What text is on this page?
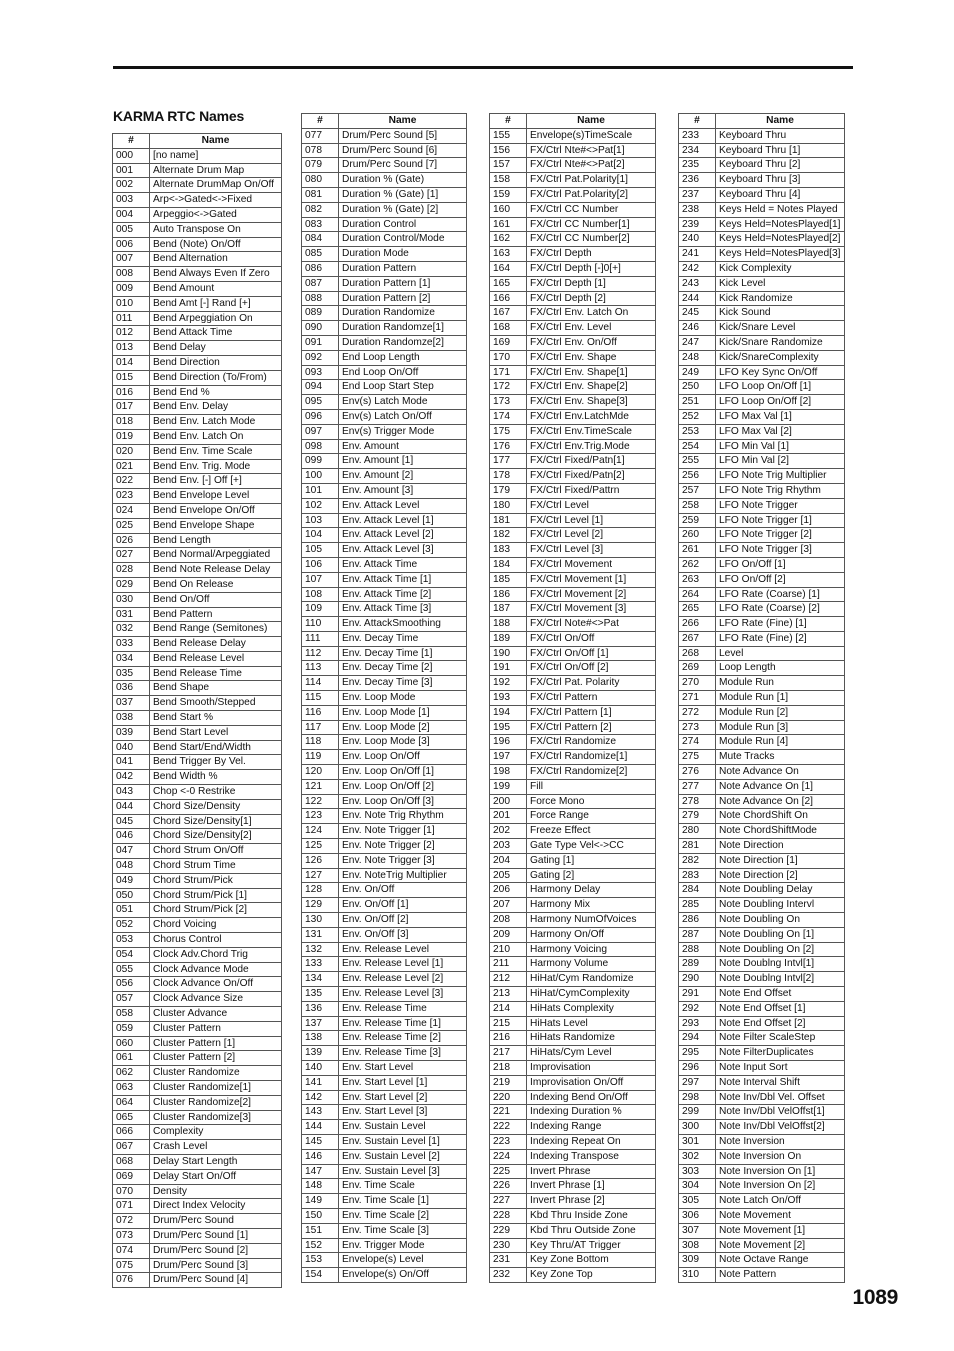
KARMA RTC Names
1089
#	Name
000	[no name]
001	Alternate Drum Map
002	Alternate DrumMap On/Off
003	Arp<->Gated<->Fixed
004	Arpeggio<->Gated
005	Auto Transpose On
006	Bend (Note) On/Off
007	Bend Alternation
008	Bend Always Even If Zero
009	Bend Amount
010	Bend Amt [-] Rand [+]
011	Bend Arpeggiation On
012	Bend Attack Time
013	Bend Delay
014	Bend Direction
015	Bend Direction (To/From)
016	Bend End %
017	Bend Env. Delay
018	Bend Env. Latch Mode
019	Bend Env. Latch On
020	Bend Env. Time Scale
021	Bend Env. Trig. Mode
022	Bend Env. [-] Off [+]
023	Bend Envelope Level
024	Bend Envelope On/Off
025	Bend Envelope Shape
026	Bend Length
027	Bend Normal/Arpeggiated
028	Bend Note Release Delay
029	Bend On Release
030	Bend On/Off
031	Bend Pattern
032	Bend Range (Semitones)
033	Bend Release Delay
034	Bend Release Level
035	Bend Release Time
036	Bend Shape
037	Bend Smooth/Stepped
038	Bend Start %
039	Bend Start Level
040	Bend Start/End/Width
041	Bend Trigger By Vel.
042	Bend Width %
043	Chop <-0 Restrike
044	Chord Size/Density
045	Chord Size/Density[1]
046	Chord Size/Density[2]
047	Chord Strum On/Off
048	Chord Strum Time
049	Chord Strum/Pick
050	Chord Strum/Pick [1]
051	Chord Strum/Pick [2]
052	Chord Voicing
053	Chorus Control
054	Clock Adv.Chord Trig
055	Clock Advance Mode
056	Clock Advance On/Off
057	Clock Advance Size
058	Cluster Advance
059	Cluster Pattern
060	Cluster Pattern [1]
061	Cluster Pattern [2]
062	Cluster Randomize
063	Cluster Randomize[1]
064	Cluster Randomize[2]
065	Cluster Randomize[3]
066	Complexity
067	Crash Level
068	Delay Start Length
069	Delay Start On/Off
070	Density
071	Direct Index Velocity
072	Drum/Perc Sound
073	Drum/Perc Sound [1]
074	Drum/Perc Sound [2]
075	Drum/Perc Sound [3]
076	Drum/Perc Sound [4]
#	Name
077	Drum/Perc Sound [5]
078	Drum/Perc Sound [6]
079	Drum/Perc Sound [7]
080	Duration % (Gate)
081	Duration % (Gate) [1]
082	Duration % (Gate) [2]
083	Duration Control
084	Duration Control/Mode
085	Duration Mode
086	Duration Pattern
087	Duration Pattern [1]
088	Duration Pattern [2]
089	Duration Randomize
090	Duration Randomze[1]
091	Duration Randomze[2]
092	End Loop Length
093	End Loop On/Off
094	End Loop Start Step
095	Env(s) Latch Mode
096	Env(s) Latch On/Off
097	Env(s) Trigger Mode
098	Env. Amount
099	Env. Amount [1]
100	Env. Amount [2]
101	Env. Amount [3]
102	Env. Attack Level
103	Env. Attack Level [1]
104	Env. Attack Level [2]
105	Env. Attack Level [3]
106	Env. Attack Time
107	Env. Attack Time [1]
108	Env. Attack Time [2]
109	Env. Attack Time [3]
110	Env. AttackSmoothing
111	Env. Decay Time
112	Env. Decay Time [1]
113	Env. Decay Time [2]
114	Env. Decay Time [3]
115	Env. Loop Mode
116	Env. Loop Mode [1]
117	Env. Loop Mode [2]
118	Env. Loop Mode [3]
119	Env. Loop On/Off
120	Env. Loop On/Off [1]
121	Env. Loop On/Off [2]
122	Env. Loop On/Off [3]
123	Env. Note Trig Rhythm
124	Env. Note Trigger [1]
125	Env. Note Trigger [2]
126	Env. Note Trigger [3]
127	Env. NoteTrig Multiplier
128	Env. On/Off
129	Env. On/Off [1]
130	Env. On/Off [2]
131	Env. On/Off [3]
132	Env. Release Level
133	Env. Release Level [1]
134	Env. Release Level [2]
135	Env. Release Level [3]
136	Env. Release Time
137	Env. Release Time [1]
138	Env. Release Time [2]
139	Env. Release Time [3]
140	Env. Start Level
141	Env. Start Level [1]
142	Env. Start Level [2]
143	Env. Start Level [3]
144	Env. Sustain Level
145	Env. Sustain Level [1]
146	Env. Sustain Level [2]
147	Env. Sustain Level [3]
148	Env. Time Scale
149	Env. Time Scale [1]
150	Env. Time Scale [2]
151	Env. Time Scale [3]
152	Env. Trigger Mode
153	Envelope(s) Level
154	Envelope(s) On/Off
#	Name
155	Envelope(s)TimeScale
156	FX/Ctrl Nte#<>Pat[1]
157	FX/Ctrl Nte#<>Pat[2]
158	FX/Ctrl Pat.Polarity[1]
159	FX/Ctrl Pat.Polarity[2]
160	FX/Ctrl CC Number
161	FX/Ctrl CC Number[1]
162	FX/Ctrl CC Number[2]
163	FX/Ctrl Depth
164	FX/Ctrl Depth [-]0[+]
165	FX/Ctrl Depth [1]
166	FX/Ctrl Depth [2]
167	FX/Ctrl Env. Latch On
168	FX/Ctrl Env. Level
169	FX/Ctrl Env. On/Off
170	FX/Ctrl Env. Shape
171	FX/Ctrl Env. Shape[1]
172	FX/Ctrl Env. Shape[2]
173	FX/Ctrl Env. Shape[3]
174	FX/Ctrl Env.LatchMde
175	FX/Ctrl Env.TimeScale
176	FX/Ctrl Env.Trig.Mode
177	FX/Ctrl Fixed/Patn[1]
178	FX/Ctrl Fixed/Patn[2]
179	FX/Ctrl Fixed/Pattrn
180	FX/Ctrl Level
181	FX/Ctrl Level [1]
182	FX/Ctrl Level [2]
183	FX/Ctrl Level [3]
184	FX/Ctrl Movement
185	FX/Ctrl Movement [1]
186	FX/Ctrl Movement [2]
187	FX/Ctrl Movement [3]
188	FX/Ctrl Note#<>Pat
189	FX/Ctrl On/Off
190	FX/Ctrl On/Off [1]
191	FX/Ctrl On/Off [2]
192	FX/Ctrl Pat. Polarity
193	FX/Ctrl Pattern
194	FX/Ctrl Pattern [1]
195	FX/Ctrl Pattern [2]
196	FX/Ctrl Randomize
197	FX/Ctrl Randomize[1]
198	FX/Ctrl Randomize[2]
199	Fill
200	Force Mono
201	Force Range
202	Freeze Effect
203	Gate Type Vel<->CC
204	Gating [1]
205	Gating [2]
206	Harmony Delay
207	Harmony Mix
208	Harmony NumOfVoices
209	Harmony On/Off
210	Harmony Voicing
211	Harmony Volume
212	HiHat/Cym Randomize
213	HiHat/CymComplexity
214	HiHats Complexity
215	HiHats Level
216	HiHats Randomize
217	HiHats/Cym Level
218	Improvisation
219	Improvisation On/Off
220	Indexing Bend On/Off
221	Indexing Duration %
222	Indexing Range
223	Indexing Repeat On
224	Indexing Transpose
225	Invert Phrase
226	Invert Phrase [1]
227	Invert Phrase [2]
228	Kbd Thru Inside Zone
229	Kbd Thru Outside Zone
230	Key Thru/AT Trigger
231	Key Zone Bottom
232	Key Zone Top
#	Name
233	Keyboard Thru
234	Keyboard Thru [1]
235	Keyboard Thru [2]
236	Keyboard Thru [3]
237	Keyboard Thru [4]
238	Keys Held = Notes Played
239	Keys Held=NotesPlayed[1]
240	Keys Held=NotesPlayed[2]
241	Keys Held=NotesPlayed[3]
242	Kick Complexity
243	Kick Level
244	Kick Randomize
245	Kick Sound
246	Kick/Snare Level
247	Kick/Snare Randomize
248	Kick/SnareComplexity
249	LFO Key Sync On/Off
250	LFO Loop On/Off [1]
251	LFO Loop On/Off [2]
252	LFO Max Val [1]
253	LFO Max Val [2]
254	LFO Min Val [1]
255	LFO Min Val [2]
256	LFO Note Trig Multiplier
257	LFO Note Trig Rhythm
258	LFO Note Trigger
259	LFO Note Trigger [1]
260	LFO Note Trigger [2]
261	LFO Note Trigger [3]
262	LFO On/Off [1]
263	LFO On/Off [2]
264	LFO Rate (Coarse) [1]
265	LFO Rate (Coarse) [2]
266	LFO Rate (Fine) [1]
267	LFO Rate (Fine) [2]
268	Level
269	Loop Length
270	Module Run
271	Module Run [1]
272	Module Run [2]
273	Module Run [3]
274	Module Run [4]
275	Mute Tracks
276	Note Advance On
277	Note Advance On [1]
278	Note Advance On [2]
279	Note ChordShift On
280	Note ChordShiftMode
281	Note Direction
282	Note Direction [1]
283	Note Direction [2]
284	Note Doubling Delay
285	Note Doubling Intervl
286	Note Doubling On
287	Note Doubling On [1]
288	Note Doubling On [2]
289	Note Doublng Intvl[1]
290	Note Doublng Intvl[2]
291	Note End Offset
292	Note End Offset [1]
293	Note End Offset [2]
294	Note Filter ScaleStep
295	Note FilterDuplicates
296	Note Input Sort
297	Note Interval Shift
298	Note Inv/Dbl Vel. Offset
299	Note Inv/Dbl VelOffst[1]
300	Note Inv/Dbl VelOffst[2]
301	Note Inversion
302	Note Inversion On
303	Note Inversion On [1]
304	Note Inversion On [2]
305	Note Latch On/Off
306	Note Movement
307	Note Movement [1]
308	Note Movement [2]
309	Note Octave Range
310	Note Pattern
